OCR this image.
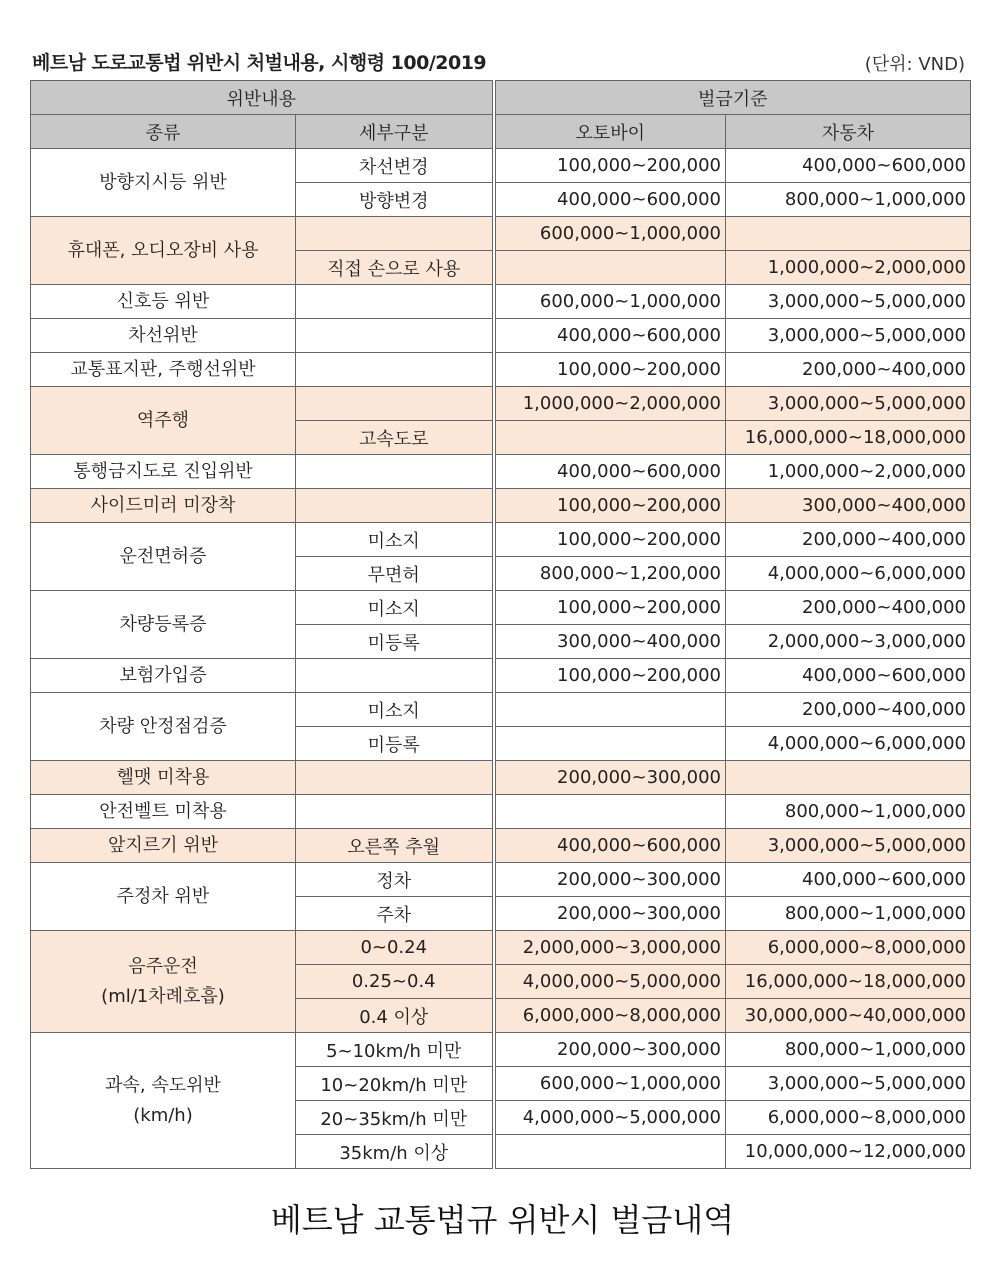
베트남 도로교통법 위반시 처벌내용, 시행령 100/2019	(단위: VND)
위반내용		벌금기준	
종류	세부구분	오토바이	자동차

방향지시등 위반	차선변경	100,000~200,000	400,000~600,000
	방향변경	400,000~600,000	800,000~1,000,000

휴대폰, 오디오장비 사용		600,000~1,000,000	
	직접 손으로 사용		1,000,000~2,000,000

신호등 위반		600,000~1,000,000	3,000,000~5,000,000

차선위반		400,000~600,000	3,000,000~5,000,000

교통표지판, 주행선위반		100,000~200,000	200,000~400,000

역주행		1,000,000~2,000,000	3,000,000~5,000,000
	고속도로		16,000,000~18,000,000

통행금지도로 진입위반		400,000~600,000	1,000,000~2,000,000

사이드미러 미장착		100,000~200,000	300,000~400,000

운전면허증	미소지	100,000~200,000	200,000~400,000
	무면허	800,000~1,200,000	4,000,000~6,000,000

차량등록증	미소지	100,000~200,000	200,000~400,000
	미등록	300,000~400,000	2,000,000~3,000,000

보험가입증		100,000~200,000	400,000~600,000

차량 안정점검증	미소지		200,000~400,000
	미등록		4,000,000~6,000,000

헬맷 미착용		200,000~300,000	

안전벨트 미착용			800,000~1,000,000

앞지르기 위반	오른쪽 추월	400,000~600,000	3,000,000~5,000,000

주정차 위반	정차	200,000~300,000	400,000~600,000
	주차	200,000~300,000	800,000~1,000,000

음주운전
(ml/1차례호흡)	0~0.24	2,000,000~3,000,000	6,000,000~8,000,000
	0.25~0.4	4,000,000~5,000,000	16,000,000~18,000,000
	0.4 이상	6,000,000~8,000,000	30,000,000~40,000,000

과속, 속도위반
(km/h)	5~10km/h 미만	200,000~300,000	800,000~1,000,000
	10~20km/h 미만	600,000~1,000,000	3,000,000~5,000,000
	20~35km/h 미만	4,000,000~5,000,000	6,000,000~8,000,000
	35km/h 이상		10,000,000~12,000,000
베트남 교통법규 위반시 벌금내역
